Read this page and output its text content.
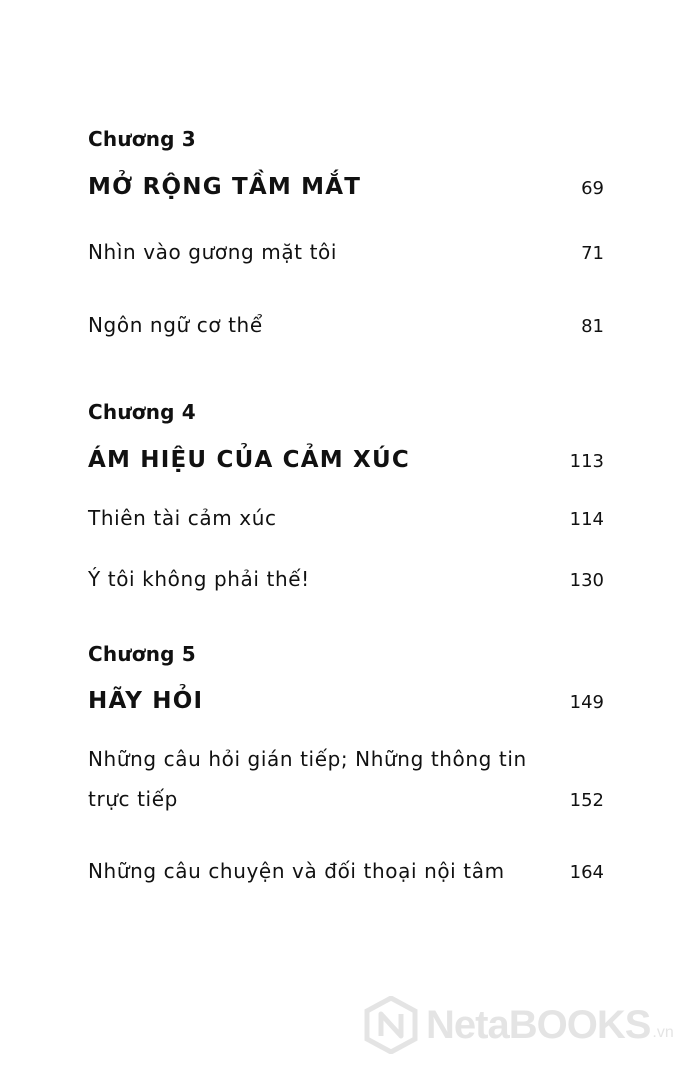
Chương 3
MỞ RỘNG TẦM MẮT	69
Nhìn vào gương mặt tôi	71
Ngôn ngữ cơ thể	81
Chương 4
ÁM HIỆU CỦA CẢM XÚC	113
Thiên tài cảm xúc	114
Ý tôi không phải thế!	130
Chương 5
HÃY HỎI	149
Những câu hỏi gián tiếp; Những thông tin
trực tiếp	152
Những câu chuyện và đối thoại nội tâm	164
NetaBOOKS .vn
